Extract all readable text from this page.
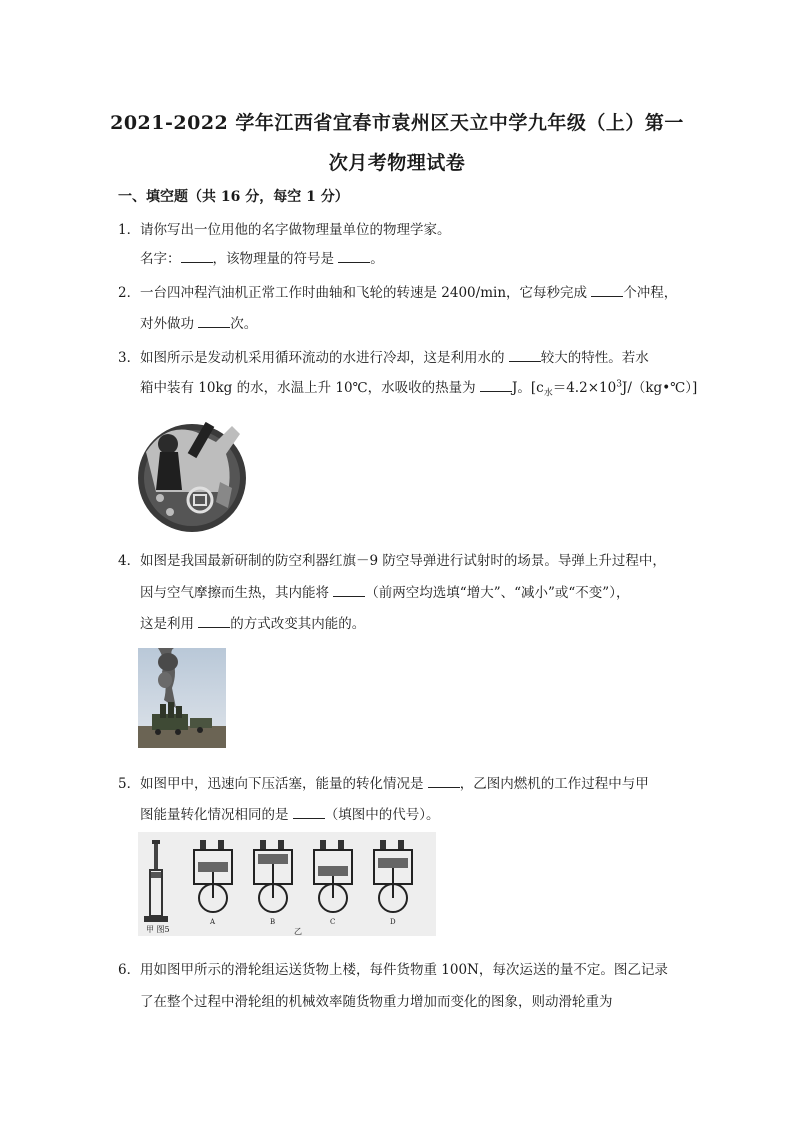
2021-2022 学年江西省宜春市袁州区天立中学九年级（上）第一
次月考物理试卷
一、填空题（共 16 分，每空 1 分）
1．请你写出一位用他的名字做物理量单位的物理学家。
名字： ，该物理量的符号是	。
2．一台四冲程汽油机正常工作时曲轴和飞轮的转速是 2400/min，它每秒完成	个冲程，
对外做功	次。
3．如图所示是发动机采用循环流动的水进行冷却，这是利用水的	较大的特性。若水
箱中装有 10kg 的水，水温上升 10℃，水吸收的热量为	J。$[c_水=4.2\times 10^3J/(kg•℃)]$
4．如图是我国最新研制的防空利器红旗－9 防空导弹进行试射时的场景。导弹上升过程中，
因与空气摩擦而生热，其内能将	（前两空均选填“增大”、“减小”或“不变”），
这是利用	的方式改变其内能的。
5．如图甲中，迅速向下压活塞，能量的转化情况是	，乙图内燃机的工作过程中与甲
图能量转化情况相同的是	（填图中的代号）。
A	B	C	D
甲 图5	乙
6．用如图甲所示的滑轮组运送货物上楼，每件货物重 100N，每次运送的量不定。图乙记录
了在整个过程中滑轮组的机械效率随货物重力增加而变化的图象，则动滑轮重为
